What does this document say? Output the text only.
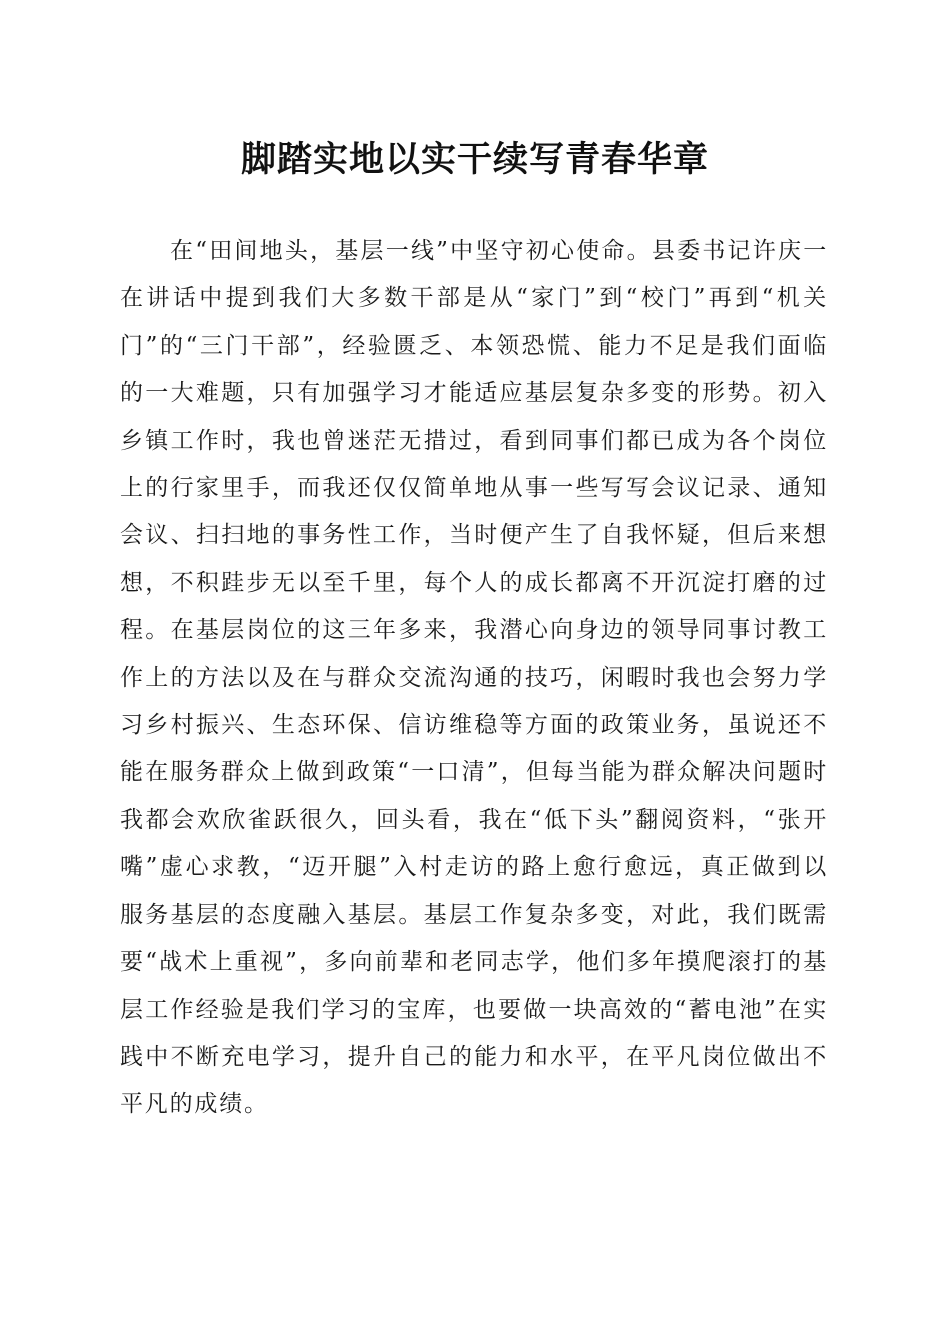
脚踏实地以实干续写青春华章

在“田间地头，基层一线”中坚守初心使命。县委书记许庆一在讲话中提到我们大多数干部是从“家门”到“校门”再到“机关门”的“三门干部”，经验匮乏、本领恐慌、能力不足是我们面临的一大难题，只有加强学习才能适应基层复杂多变的形势。初入乡镇工作时，我也曾迷茫无措过，看到同事们都已成为各个岗位上的行家里手，而我还仅仅简单地从事一些写写会议记录、通知会议、扫扫地的事务性工作，当时便产生了自我怀疑，但后来想想，不积跬步无以至千里，每个人的成长都离不开沉淀打磨的过程。在基层岗位的这三年多来，我潜心向身边的领导同事讨教工作上的方法以及在与群众交流沟通的技巧，闲暇时我也会努力学习乡村振兴、生态环保、信访维稳等方面的政策业务，虽说还不能在服务群众上做到政策“一口清”，但每当能为群众解决问题时我都会欢欣雀跃很久，回头看，我在“低下头”翻阅资料，“张开嘴”虚心求教，“迈开腿”入村走访的路上愈行愈远，真正做到以服务基层的态度融入基层。基层工作复杂多变，对此，我们既需要“战术上重视”，多向前辈和老同志学，他们多年摸爬滚打的基层工作经验是我们学习的宝库，也要做一块高效的“蓄电池”在实践中不断充电学习，提升自己的能力和水平，在平凡岗位做出不平凡的成绩。
